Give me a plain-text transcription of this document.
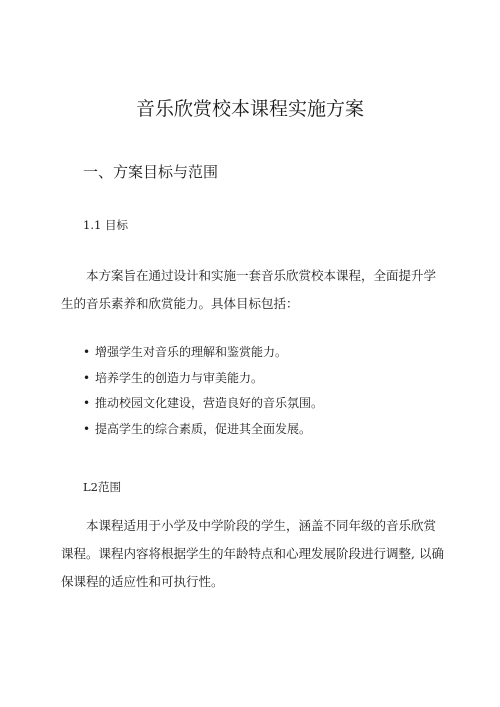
音乐欣赏校本课程实施方案
一、方案目标与范围
1.1 目标

本方案旨在通过设计和实施一套音乐欣赏校本课程，全面提升学生的音乐素养和欣赏能力。具体目标包括：

• 增强学生对音乐的理解和鉴赏能力。
• 培养学生的创造力与审美能力。
• 推动校园文化建设，营造良好的音乐氛围。
• 提高学生的综合素质，促进其全面发展。
L2范围

本课程适用于小学及中学阶段的学生，涵盖不同年级的音乐欣赏课程。课程内容将根据学生的年龄特点和心理发展阶段进行调整, 以确保课程的适应性和可执行性。
